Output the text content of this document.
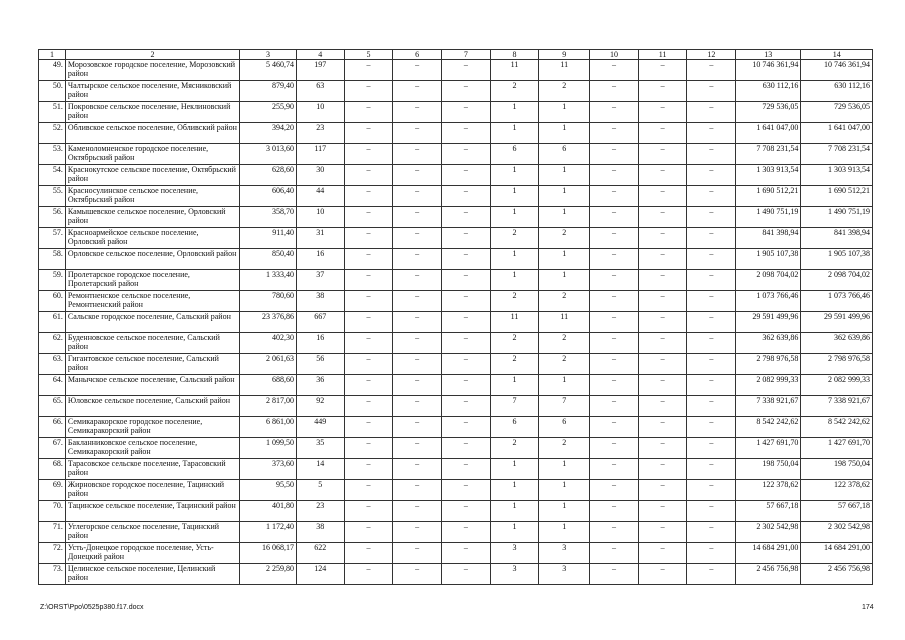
1	2	3	4	5	6	7	8	9	10	11	12	13	14
49.	Морозовское городское поселение, Морозовский район	5 460,74	197	–	–	–	11	11	–	–	–	10 746 361,94	10 746 361,94
50.	Чалтырское сельское поселение, Мясниковский район	879,40	63	–	–	–	2	2	–	–	–	630 112,16	630 112,16
51.	Покровское сельское поселение, Неклиновский район	255,90	10	–	–	–	1	1	–	–	–	729 536,05	729 536,05
52.	Обливское сельское поселение, Обливский район	394,20	23	–	–	–	1	1	–	–	–	1 641 047,00	1 641 047,00
53.	Каменоломненское городское поселение, Октябрьский район	3 013,60	117	–	–	–	6	6	–	–	–	7 708 231,54	7 708 231,54
54.	Краснокутское сельское поселение, Октябрьский район	628,60	30	–	–	–	1	1	–	–	–	1 303 913,54	1 303 913,54
55.	Красносулинское сельское поселение, Октябрьский район	606,40	44	–	–	–	1	1	–	–	–	1 690 512,21	1 690 512,21
56.	Камышевское сельское поселение, Орловский район	358,70	10	–	–	–	1	1	–	–	–	1 490 751,19	1 490 751,19
57.	Красноармейское сельское поселение, Орловский район	911,40	31	–	–	–	2	2	–	–	–	841 398,94	841 398,94
58.	Орловское сельское поселение, Орловский район	850,40	16	–	–	–	1	1	–	–	–	1 905 107,38	1 905 107,38
59.	Пролетарское городское поселение, Пролетарский район	1 333,40	37	–	–	–	1	1	–	–	–	2 098 704,02	2 098 704,02
60.	Ремонтненское сельское поселение, Ремонтненский район	780,60	38	–	–	–	2	2	–	–	–	1 073 766,46	1 073 766,46
61.	Сальское городское поселение, Сальский район	23 376,86	667	–	–	–	11	11	–	–	–	29 591 499,96	29 591 499,96
62.	Буденновское сельское поселение, Сальский район	402,30	16	–	–	–	2	2	–	–	–	362 639,86	362 639,86
63.	Гигантовское сельское поселение, Сальский район	2 061,63	56	–	–	–	2	2	–	–	–	2 798 976,58	2 798 976,58
64.	Манычское сельское поселение, Сальский район	688,60	36	–	–	–	1	1	–	–	–	2 082 999,33	2 082 999,33
65.	Юловское сельское поселение, Сальский район	2 817,00	92	–	–	–	7	7	–	–	–	7 338 921,67	7 338 921,67
66.	Семикаракорское городское поселение, Семикаракорский район	6 861,00	449	–	–	–	6	6	–	–	–	8 542 242,62	8 542 242,62
67.	Бакланниковское сельское поселение, Семикаракорский район	1 099,50	35	–	–	–	2	2	–	–	–	1 427 691,70	1 427 691,70
68.	Тарасовское сельское поселение, Тарасовский район	373,60	14	–	–	–	1	1	–	–	–	198 750,04	198 750,04
69.	Жирновское городское поселение, Тацинский район	95,50	5	–	–	–	1	1	–	–	–	122 378,62	122 378,62
70.	Тацинское сельское поселение, Тацинский район	401,80	23	–	–	–	1	1	–	–	–	57 667,18	57 667,18
71.	Углегорское сельское поселение, Тацинский район	1 172,40	38	–	–	–	1	1	–	–	–	2 302 542,98	2 302 542,98
72.	Усть-Донецкое городское поселение, Усть-Донецкий район	16 068,17	622	–	–	–	3	3	–	–	–	14 684 291,00	14 684 291,00
73.	Целинское сельское поселение, Целинский район	2 259,80	124	–	–	–	3	3	–	–	–	2 456 756,98	2 456 756,98
Z:\ORST\Ppo\0525p380.f17.docx	174
